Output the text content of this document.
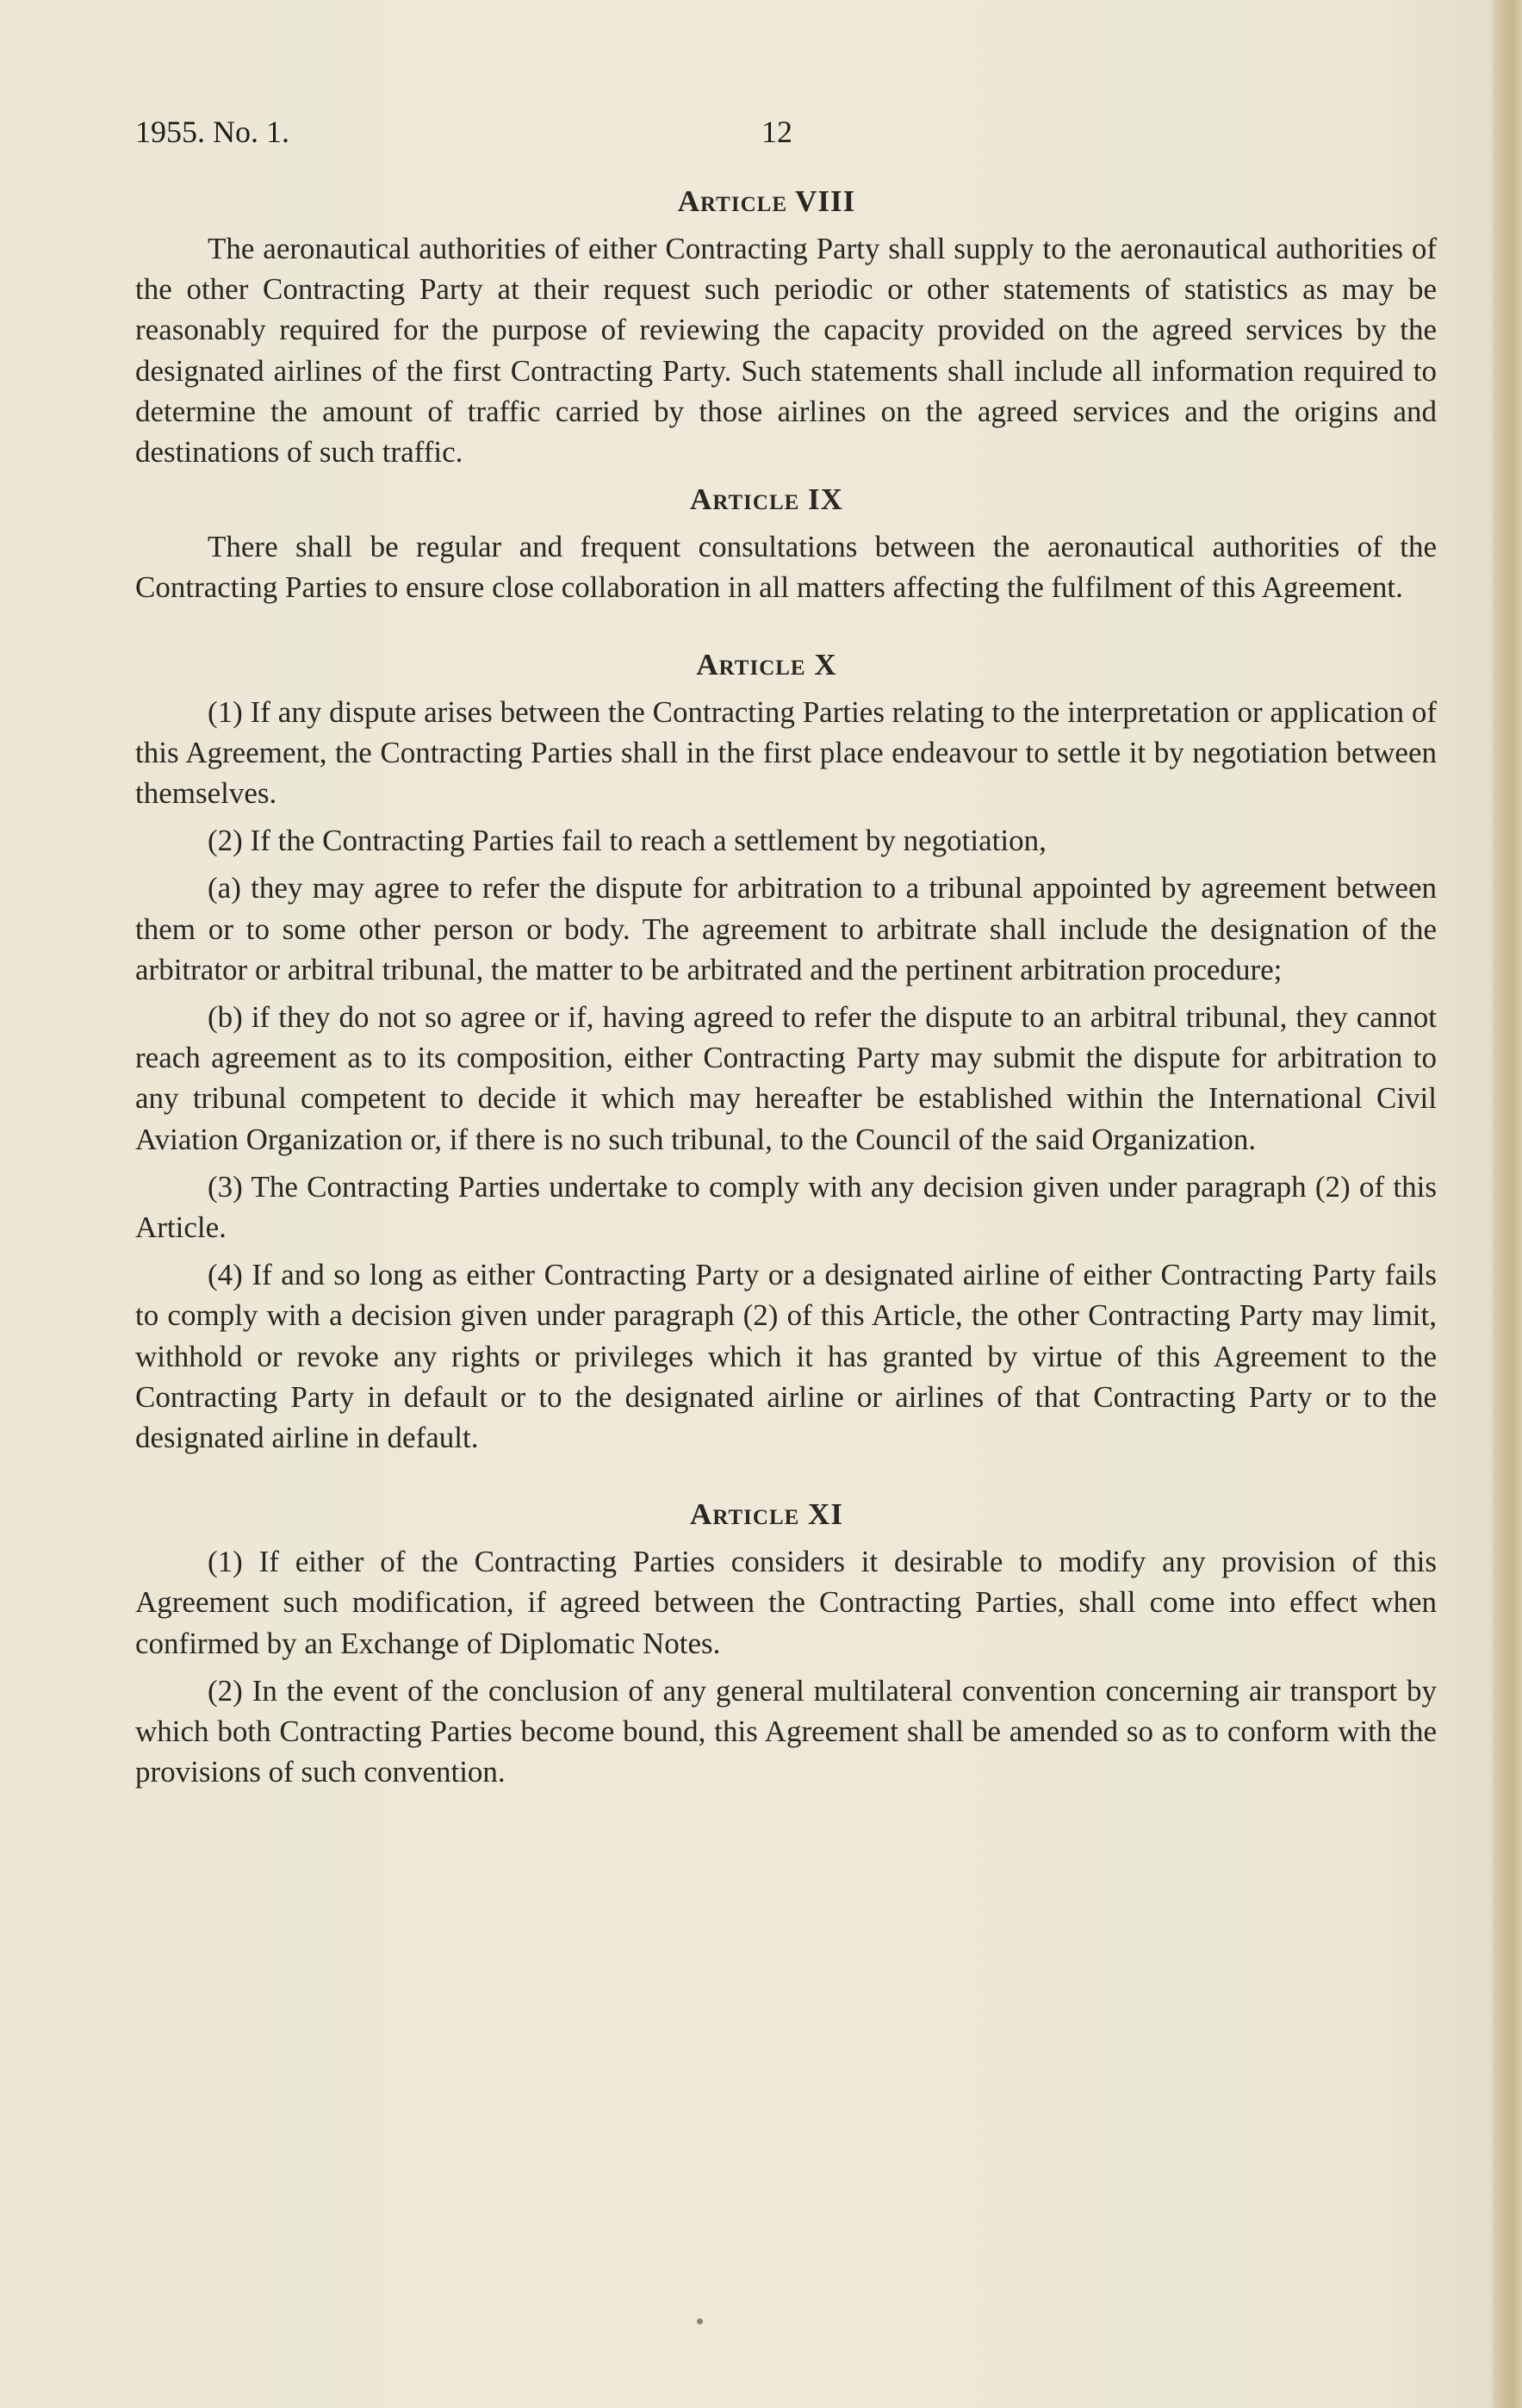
1955. No. 1.	12
Article VIII

The aeronautical authorities of either Contracting Party shall supply to the aeronautical authorities of the other Contracting Party at their request such periodic or other statements of statistics as may be reasonably required for the purpose of reviewing the capacity provided on the agreed services by the designated airlines of the first Contracting Party. Such statements shall include all information required to determine the amount of traffic carried by those airlines on the agreed services and the origins and destinations of such traffic.

Article IX

There shall be regular and frequent consultations between the aeronautical authorities of the Contracting Parties to ensure close collaboration in all matters affecting the fulfilment of this Agreement.

Article X

(1) If any dispute arises between the Contracting Parties relating to the interpretation or application of this Agreement, the Contracting Parties shall in the first place endeavour to settle it by negotiation between themselves.

(2) If the Contracting Parties fail to reach a settlement by negotiation,

(a) they may agree to refer the dispute for arbitration to a tribunal appointed by agreement between them or to some other person or body. The agreement to arbitrate shall include the designation of the arbitrator or arbitral tribunal, the matter to be arbitrated and the pertinent arbitration procedure;

(b) if they do not so agree or if, having agreed to refer the dispute to an arbitral tribunal, they cannot reach agreement as to its composition, either Contracting Party may submit the dispute for arbitration to any tribunal competent to decide it which may hereafter be established within the International Civil Aviation Organization or, if there is no such tribunal, to the Council of the said Organization.

(3) The Contracting Parties undertake to comply with any decision given under paragraph (2) of this Article.

(4) If and so long as either Contracting Party or a designated airline of either Contracting Party fails to comply with a decision given under paragraph (2) of this Article, the other Contracting Party may limit, withhold or revoke any rights or privileges which it has granted by virtue of this Agreement to the Contracting Party in default or to the designated airline or airlines of that Contracting Party or to the designated airline in default.

Article XI

(1) If either of the Contracting Parties considers it desirable to modify any provision of this Agreement such modification, if agreed between the Contracting Parties, shall come into effect when confirmed by an Exchange of Diplomatic Notes.

(2) In the event of the conclusion of any general multilateral convention concerning air transport by which both Contracting Parties become bound, this Agreement shall be amended so as to conform with the provisions of such convention.
